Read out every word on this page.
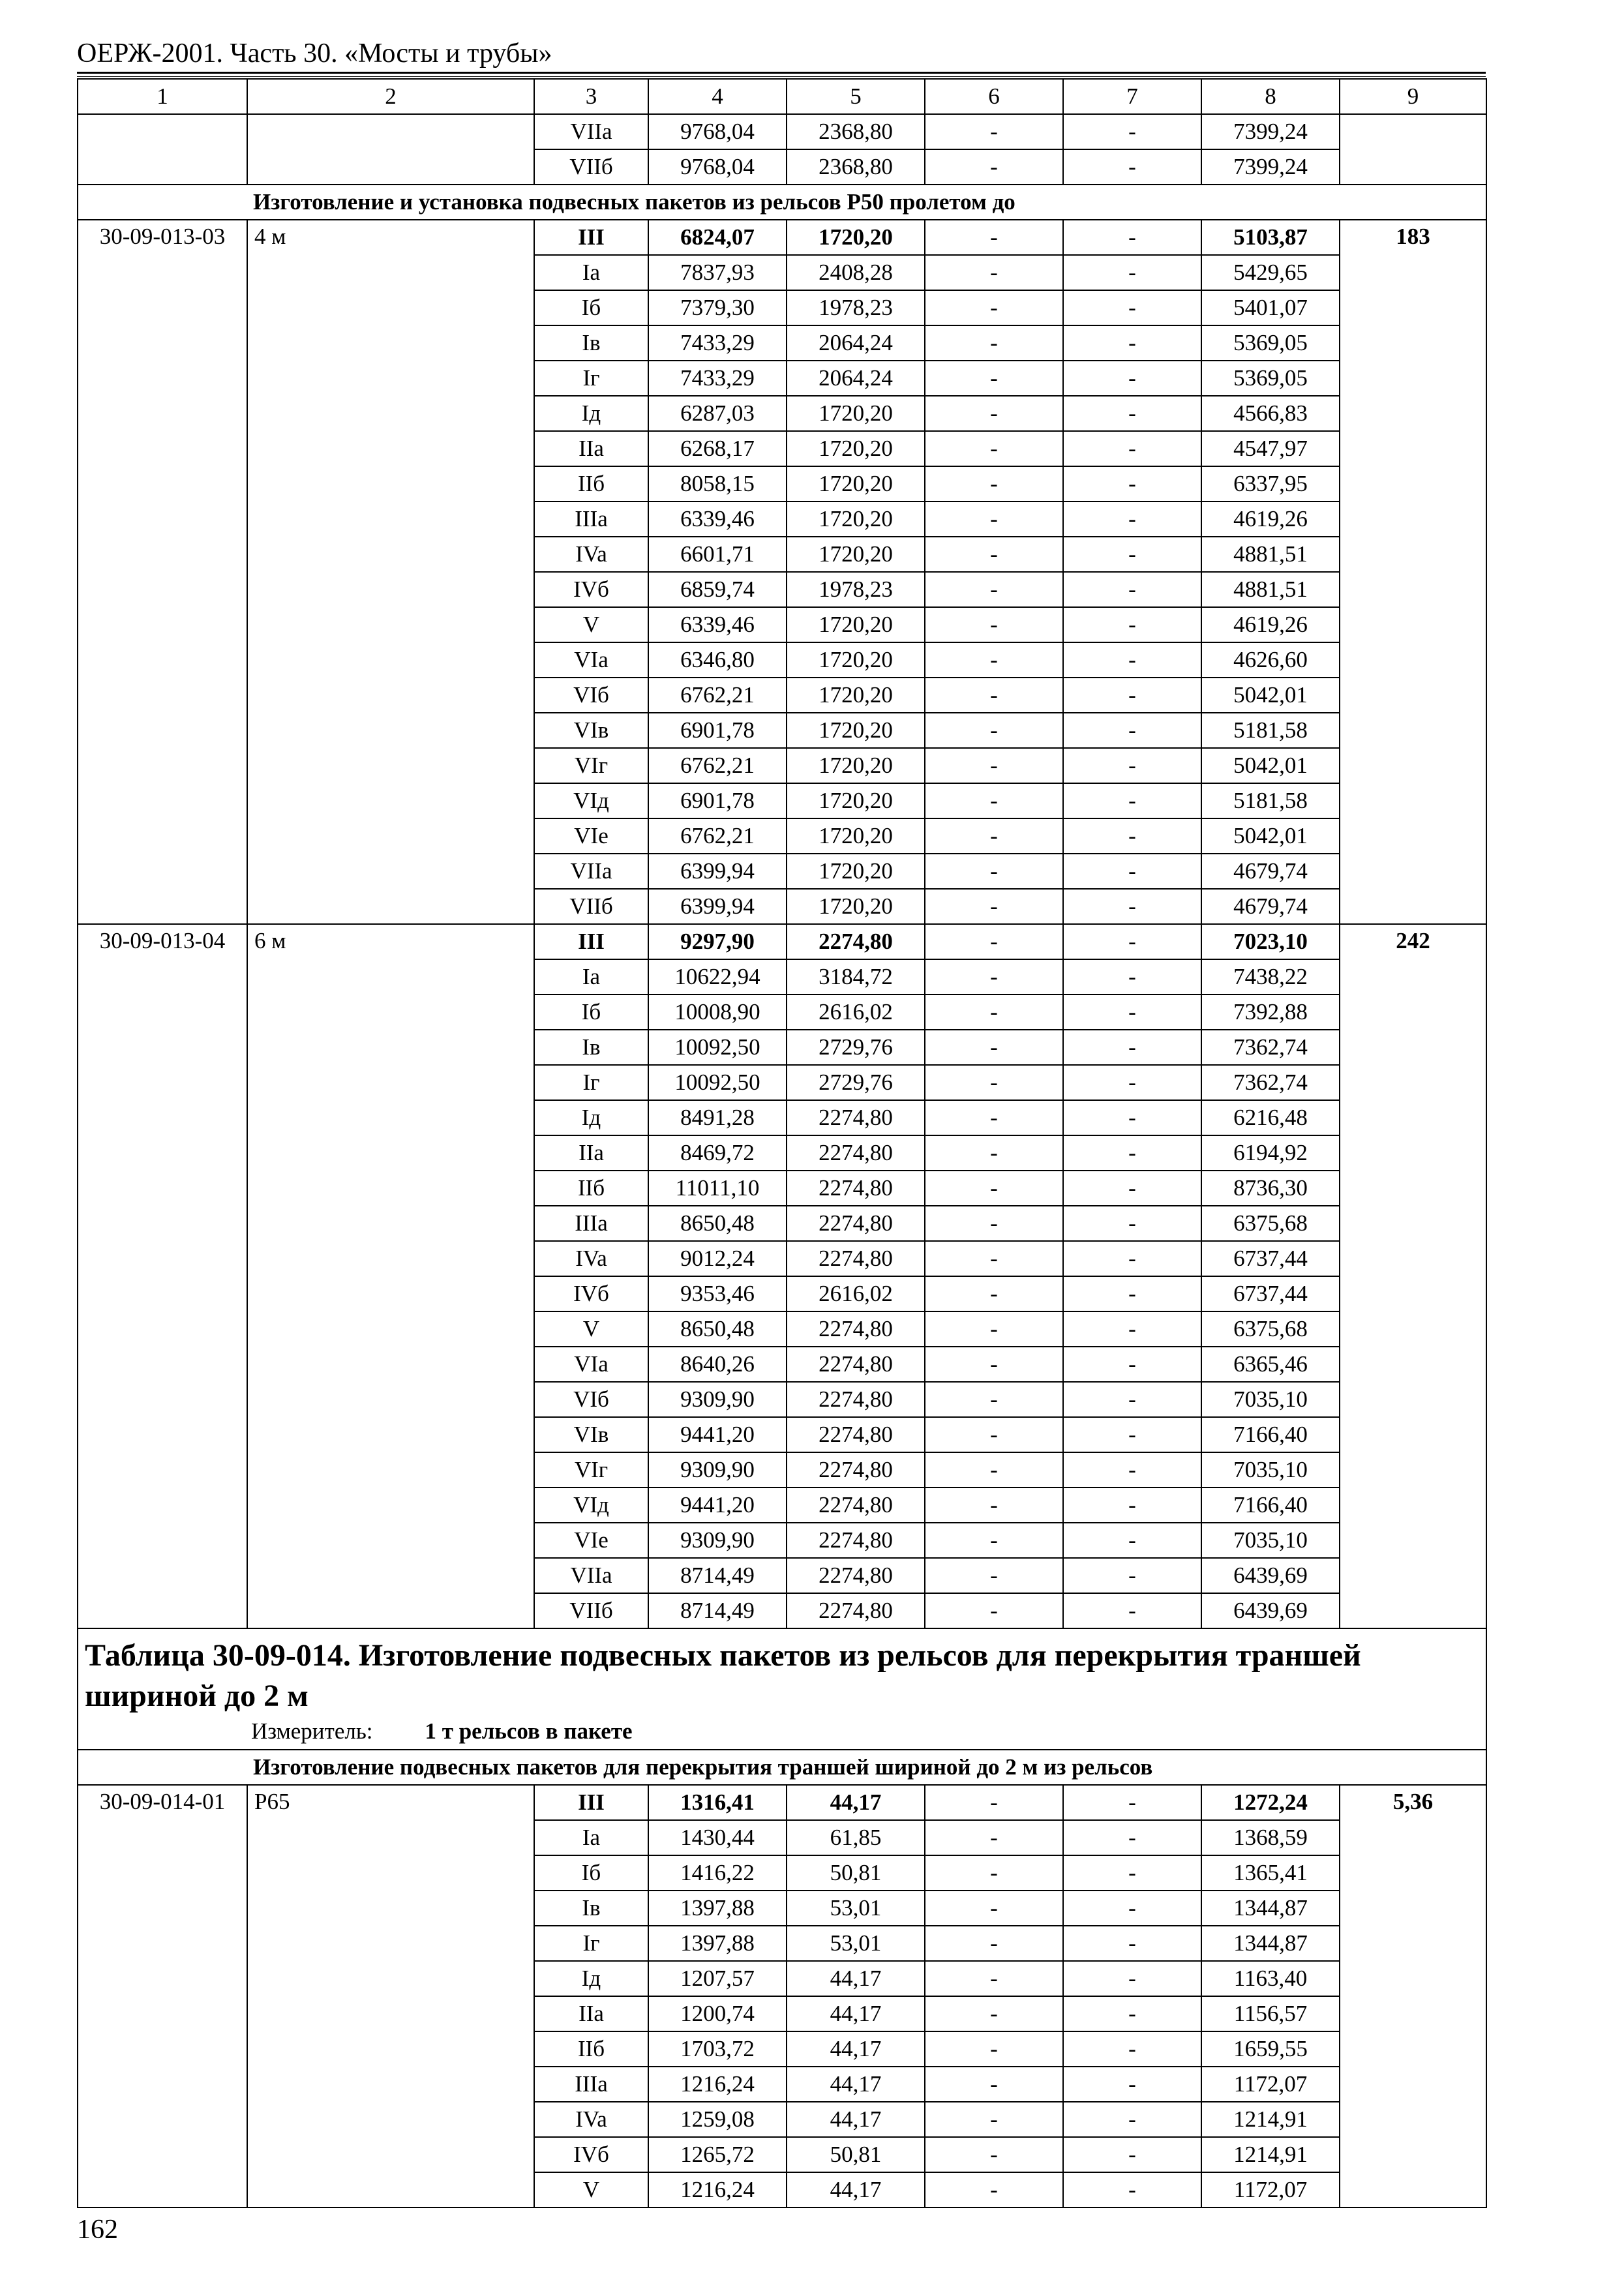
ОЕРЖ-2001. Часть 30. «Мосты и трубы»
1	2	3	4	5	6	7	8	9
		VIIa	9768,04	2368,80	-	-	7399,24	
		VIIб	9768,04	2368,80	-	-	7399,24	
Изготовление и установка подвесных пакетов из рельсов Р50 пролетом до								
30-09-013-03	4 м	III	6824,07	1720,20	-	-	5103,87	183
		Ia	7837,93	2408,28	-	-	5429,65	
		Iб	7379,30	1978,23	-	-	5401,07	
		Iв	7433,29	2064,24	-	-	5369,05	
		Iг	7433,29	2064,24	-	-	5369,05	
		Iд	6287,03	1720,20	-	-	4566,83	
		IIa	6268,17	1720,20	-	-	4547,97	
		IIб	8058,15	1720,20	-	-	6337,95	
		IIIa	6339,46	1720,20	-	-	4619,26	
		IVa	6601,71	1720,20	-	-	4881,51	
		IVб	6859,74	1978,23	-	-	4881,51	
		V	6339,46	1720,20	-	-	4619,26	
		VIa	6346,80	1720,20	-	-	4626,60	
		VIб	6762,21	1720,20	-	-	5042,01	
		VIв	6901,78	1720,20	-	-	5181,58	
		VIг	6762,21	1720,20	-	-	5042,01	
		VIд	6901,78	1720,20	-	-	5181,58	
		VIe	6762,21	1720,20	-	-	5042,01	
		VIIa	6399,94	1720,20	-	-	4679,74	
		VIIб	6399,94	1720,20	-	-	4679,74	
30-09-013-04	6 м	III	9297,90	2274,80	-	-	7023,10	242
		Ia	10622,94	3184,72	-	-	7438,22	
		Iб	10008,90	2616,02	-	-	7392,88	
		Iв	10092,50	2729,76	-	-	7362,74	
		Iг	10092,50	2729,76	-	-	7362,74	
		Iд	8491,28	2274,80	-	-	6216,48	
		IIa	8469,72	2274,80	-	-	6194,92	
		IIб	11011,10	2274,80	-	-	8736,30	
		IIIa	8650,48	2274,80	-	-	6375,68	
		IVa	9012,24	2274,80	-	-	6737,44	
		IVб	9353,46	2616,02	-	-	6737,44	
		V	8650,48	2274,80	-	-	6375,68	
		VIa	8640,26	2274,80	-	-	6365,46	
		VIб	9309,90	2274,80	-	-	7035,10	
		VIв	9441,20	2274,80	-	-	7166,40	
		VIг	9309,90	2274,80	-	-	7035,10	
		VIд	9441,20	2274,80	-	-	7166,40	
		VIe	9309,90	2274,80	-	-	7035,10	
		VIIa	8714,49	2274,80	-	-	6439,69	
		VIIб	8714,49	2274,80	-	-	6439,69	

Таблица 30-09-014. Изготовление подвесных пакетов из рельсов для перекрытия траншей шириной до 2 м
Измеритель: 1 т рельсов в пакете								

Изготовление подвесных пакетов для перекрытия траншей шириной до 2 м из рельсов								
30-09-014-01	Р65	III	1316,41	44,17	-	-	1272,24	5,36
		Ia	1430,44	61,85	-	-	1368,59	
		Iб	1416,22	50,81	-	-	1365,41	
		Iв	1397,88	53,01	-	-	1344,87	
		Iг	1397,88	53,01	-	-	1344,87	
		Iд	1207,57	44,17	-	-	1163,40	
		IIa	1200,74	44,17	-	-	1156,57	
		IIб	1703,72	44,17	-	-	1659,55	
		IIIa	1216,24	44,17	-	-	1172,07	
		IVa	1259,08	44,17	-	-	1214,91	
		IVб	1265,72	50,81	-	-	1214,91	
		V	1216,24	44,17	-	-	1172,07	
162
